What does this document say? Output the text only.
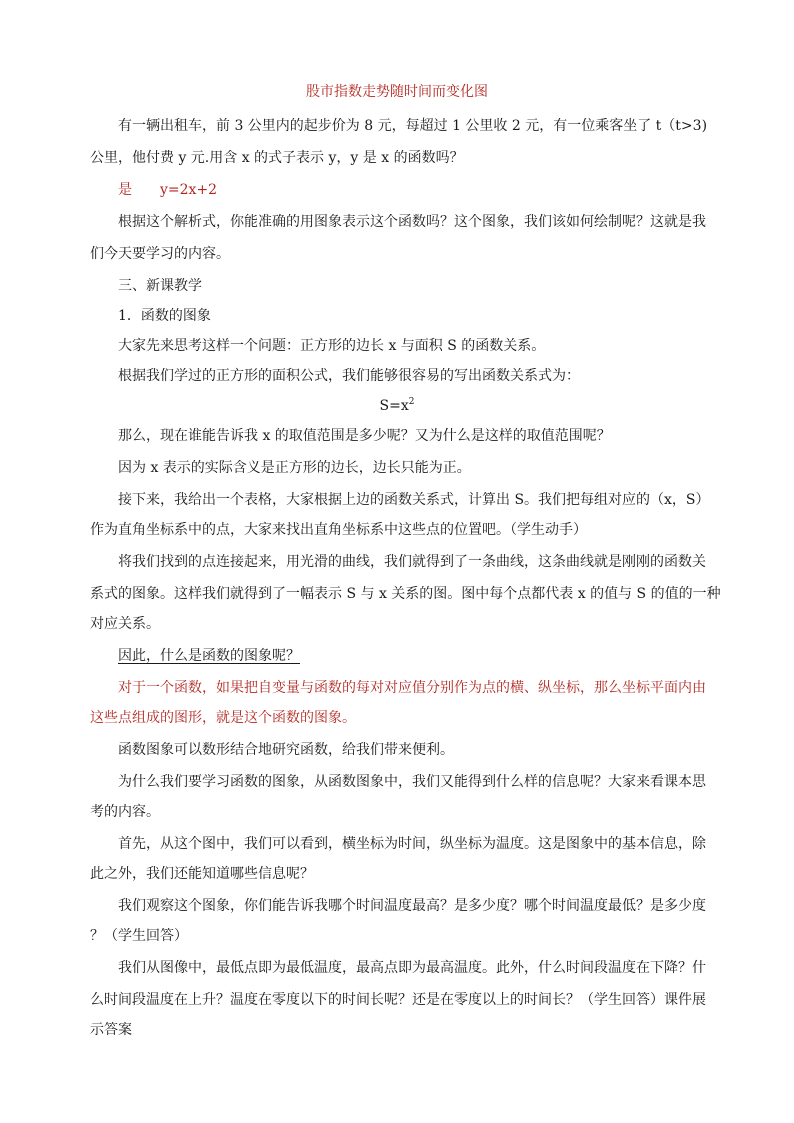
股市指数走势随时间而变化图
有一辆出租车，前 3 公里内的起步价为 8 元，每超过 1 公里收 2 元，有一位乘客坐了 t（t>3)
公里，他付费 y 元.用含 x 的式子表示 y，y 是 x 的函数吗？
是 y=2x+2
根据这个解析式，你能准确的用图象表示这个函数吗？这个图象，我们该如何绘制呢？这就是我
们今天要学习的内容。
三、新课教学
1．函数的图象
大家先来思考这样一个问题：正方形的边长 x 与面积 S 的函数关系。
根据我们学过的正方形的面积公式，我们能够很容易的写出函数关系式为：
$S=x^2$
那么，现在谁能告诉我 x 的取值范围是多少呢？又为什么是这样的取值范围呢？
因为 x 表示的实际含义是正方形的边长，边长只能为正。
接下来，我给出一个表格，大家根据上边的函数关系式，计算出 S。我们把每组对应的（x，S）
作为直角坐标系中的点，大家来找出直角坐标系中这些点的位置吧。（学生动手）
将我们找到的点连接起来，用光滑的曲线，我们就得到了一条曲线，这条曲线就是刚刚的函数关
系式的图象。这样我们就得到了一幅表示 S 与 x 关系的图。图中每个点都代表 x 的值与 S 的值的一种
对应关系。
因此，什么是函数的图象呢？
对于一个函数，如果把自变量与函数的每对对应值分别作为点的横、纵坐标，那么坐标平面内由
这些点组成的图形，就是这个函数的图象。
函数图象可以数形结合地研究函数，给我们带来便利。
为什么我们要学习函数的图象，从函数图象中，我们又能得到什么样的信息呢？大家来看课本思
考的内容。
首先，从这个图中，我们可以看到，横坐标为时间，纵坐标为温度。这是图象中的基本信息，除
此之外，我们还能知道哪些信息呢？
我们观察这个图象，你们能告诉我哪个时间温度最高？是多少度？哪个时间温度最低？是多少度
？（学生回答）
我们从图像中，最低点即为最低温度，最高点即为最高温度。此外，什么时间段温度在下降？什
么时间段温度在上升？温度在零度以下的时间长呢？还是在零度以上的时间长？（学生回答）课件展
示答案
